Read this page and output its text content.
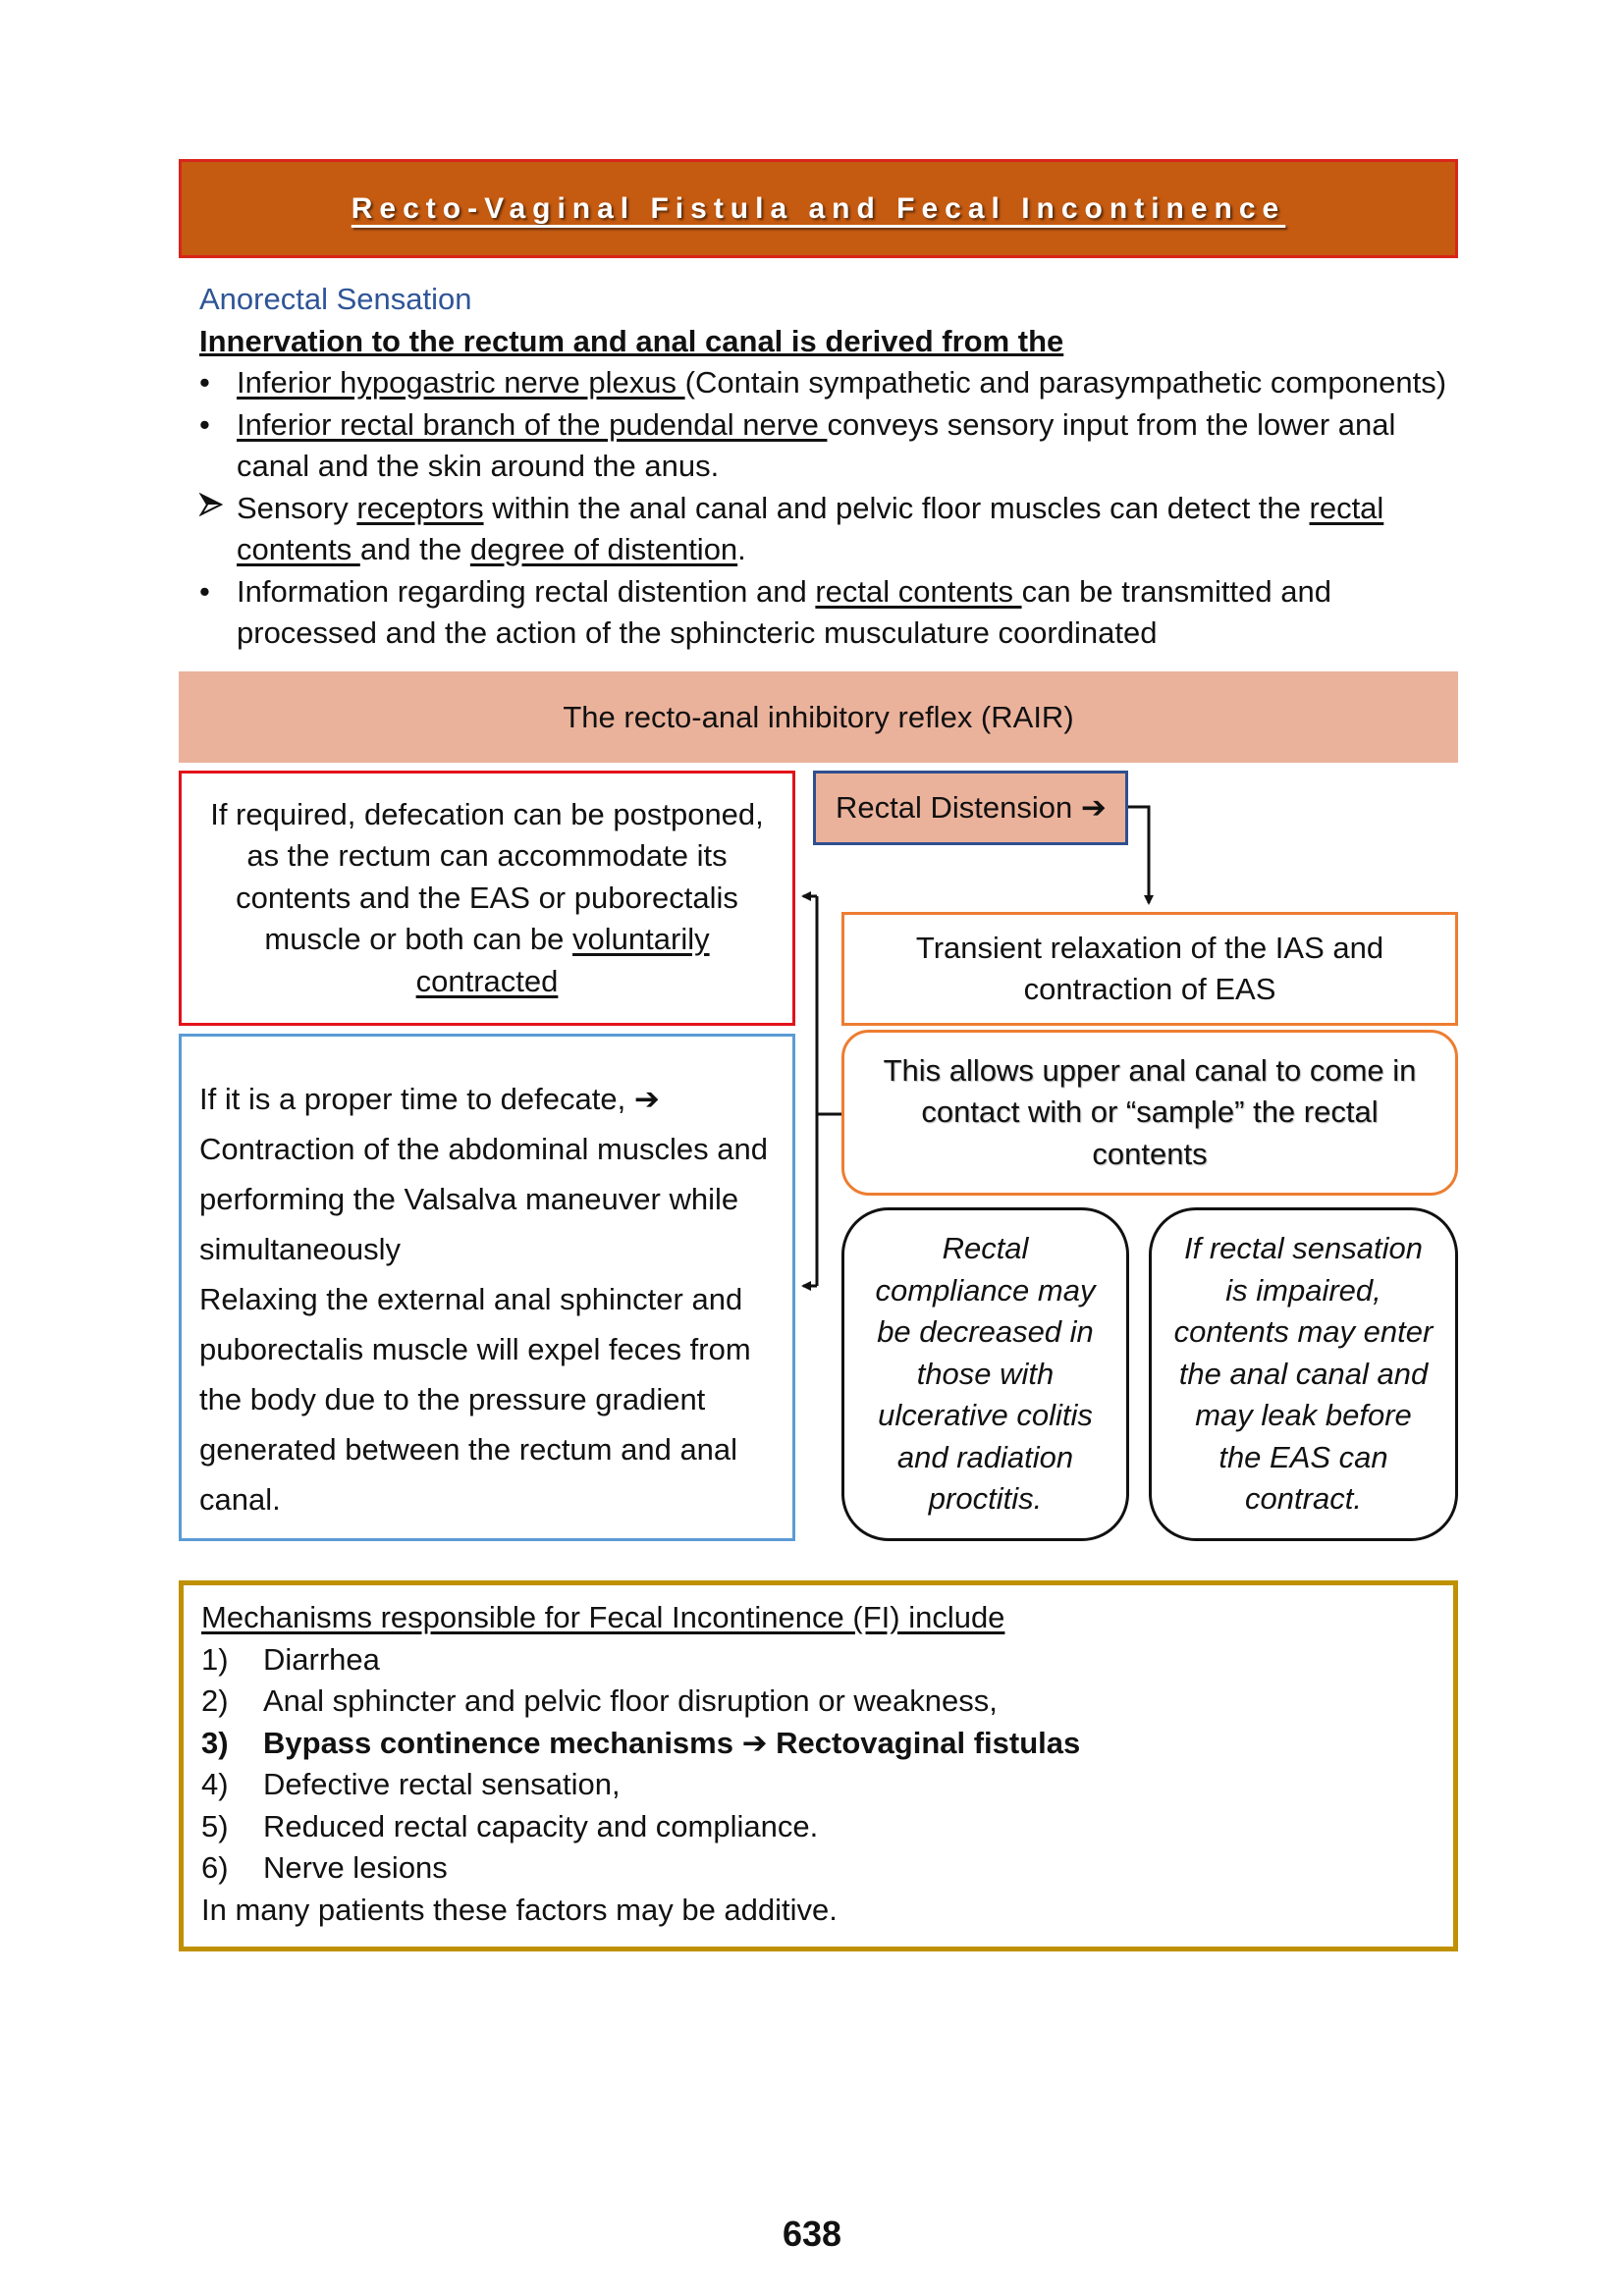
Recto-Vaginal Fistula and Fecal Incontinence
Anorectal Sensation
Innervation to the rectum and anal canal is derived from the
• Inferior hypogastric nerve plexus (Contain sympathetic and parasympathetic components)
• Inferior rectal branch of the pudendal nerve conveys sensory input from the lower anal canal and the skin around the anus.
Sensory receptors within the anal canal and pelvic floor muscles can detect the rectal contents and the degree of distention.
• Information regarding rectal distention and rectal contents can be transmitted and processed and the action of the sphincteric musculature coordinated
The recto-anal inhibitory reflex (RAIR)
If required, defecation can be postponed, as the rectum can accommodate its contents and the EAS or puborectalis muscle or both can be voluntarily contracted
Rectal Distension
➔
Transient relaxation of the IAS and contraction of EAS
If it is a proper time to defecate, ➔
Contraction of the abdominal muscles and performing the Valsalva maneuver while simultaneously
Relaxing the external anal sphincter and puborectalis muscle will expel feces from the body due to the pressure gradient generated between the rectum and anal canal.
This allows upper anal canal to come in contact with or “sample” the rectal contents
Rectal compliance may be decreased in those with ulcerative colitis and radiation proctitis.
If rectal sensation is impaired, contents may enter the anal canal and may leak before the EAS can contract.
Mechanisms responsible for Fecal Incontinence (FI) include
1)	Diarrhea
2)	Anal sphincter and pelvic floor disruption or weakness,
3)	Bypass continence mechanisms ➔ Rectovaginal fistulas
4)	Defective rectal sensation,
5)	Reduced rectal capacity and compliance.
6)	Nerve lesions
In many patients these factors may be additive.
638
